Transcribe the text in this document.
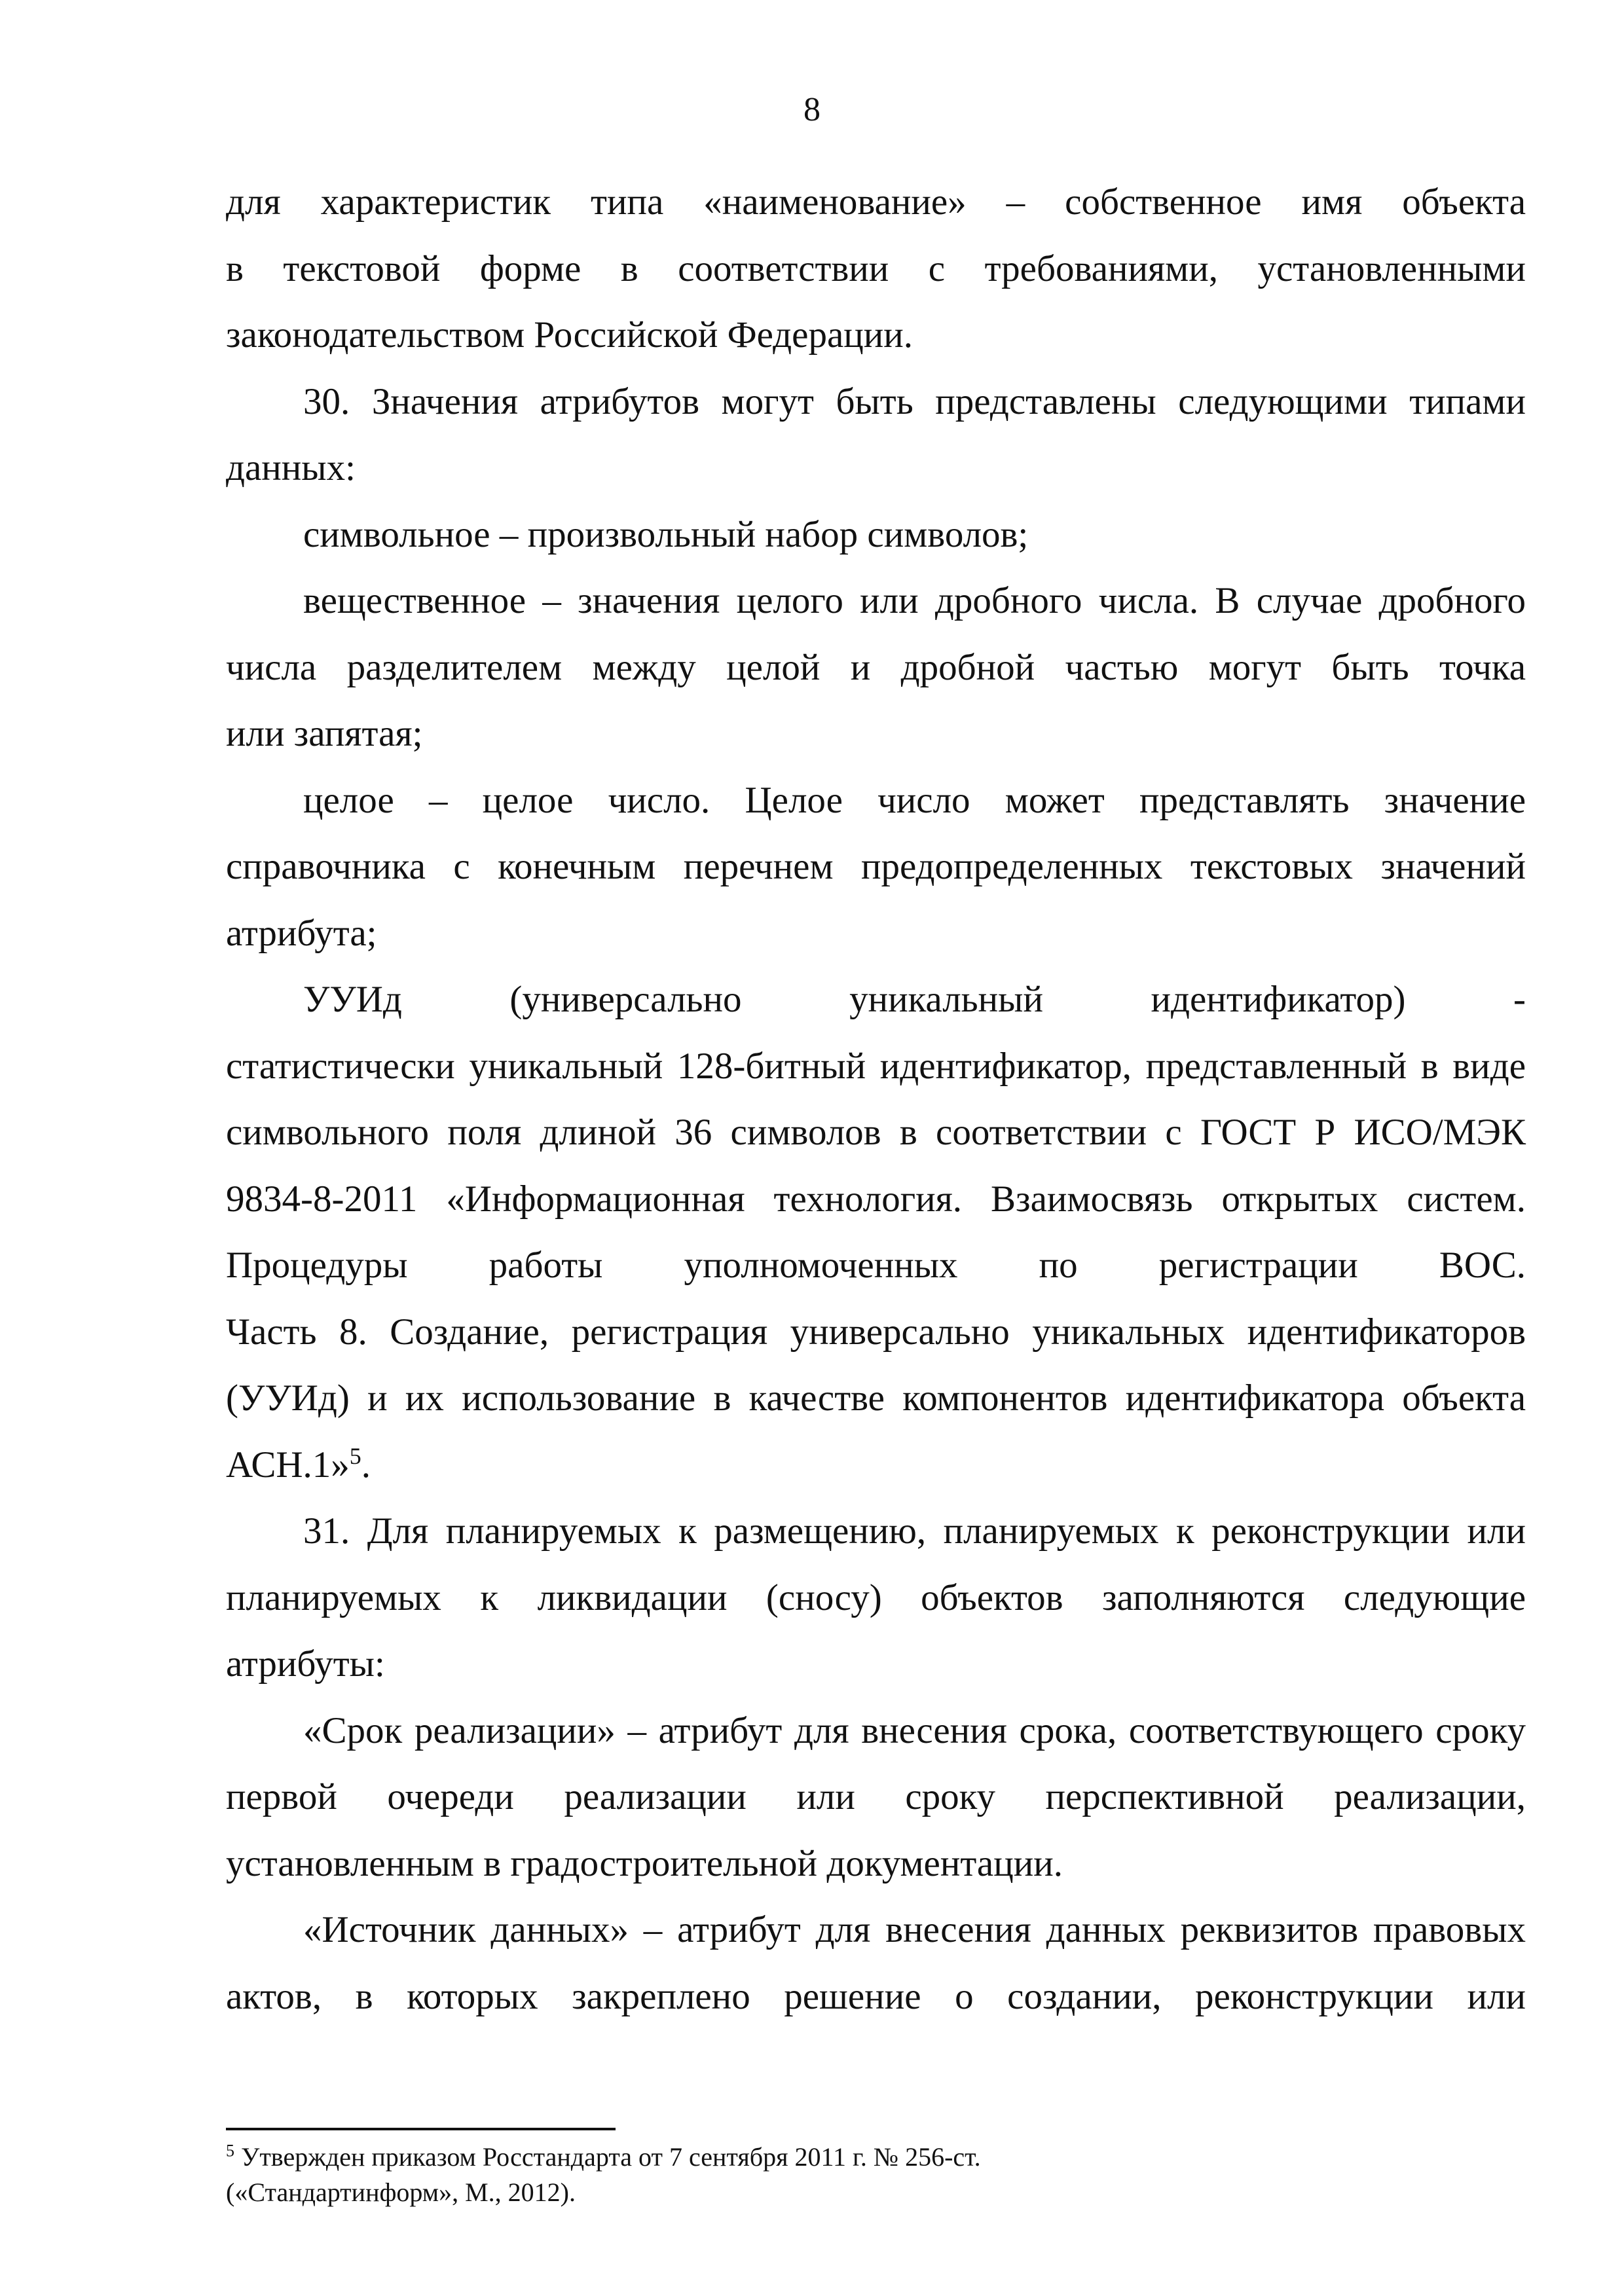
8
для характеристик типа «наименование» – собственное имя объекта
в текстовой форме в соответствии с требованиями, установленными
законодательством Российской Федерации.
30. Значения атрибутов могут быть представлены следующими типами
данных:
символьное – произвольный набор символов;
вещественное – значения целого или дробного числа. В случае дробного
числа разделителем между целой и дробной частью могут быть точка
или запятая;
целое – целое число. Целое число может представлять значение
справочника с конечным перечнем предопределенных текстовых значений
атрибута;
УУИд (универсально уникальный идентификатор) -
статистически уникальный 128-битный идентификатор, представленный в виде
символьного поля длиной 36 символов в соответствии с ГОСТ Р ИСО/МЭК
9834-8-2011 «Информационная технология. Взаимосвязь открытых систем.
Процедуры работы уполномоченных по регистрации ВОС.
Часть 8. Создание, регистрация универсально уникальных идентификаторов
(УУИд) и их использование в качестве компонентов идентификатора объекта
АСН.1»$^5$.
31. Для планируемых к размещению, планируемых к реконструкции или
планируемых к ликвидации (сносу) объектов заполняются следующие
атрибуты:
«Срок реализации» – атрибут для внесения срока, соответствующего сроку
первой очереди реализации или сроку перспективной реализации,
установленным в градостроительной документации.
«Источник данных» – атрибут для внесения данных реквизитов правовых
актов, в которых закреплено решение о создании, реконструкции или

$^5$ Утвержден приказом Росстандарта от 7 сентября 2011 г. № 256-ст.

(«Стандартинформ», М., 2012).
